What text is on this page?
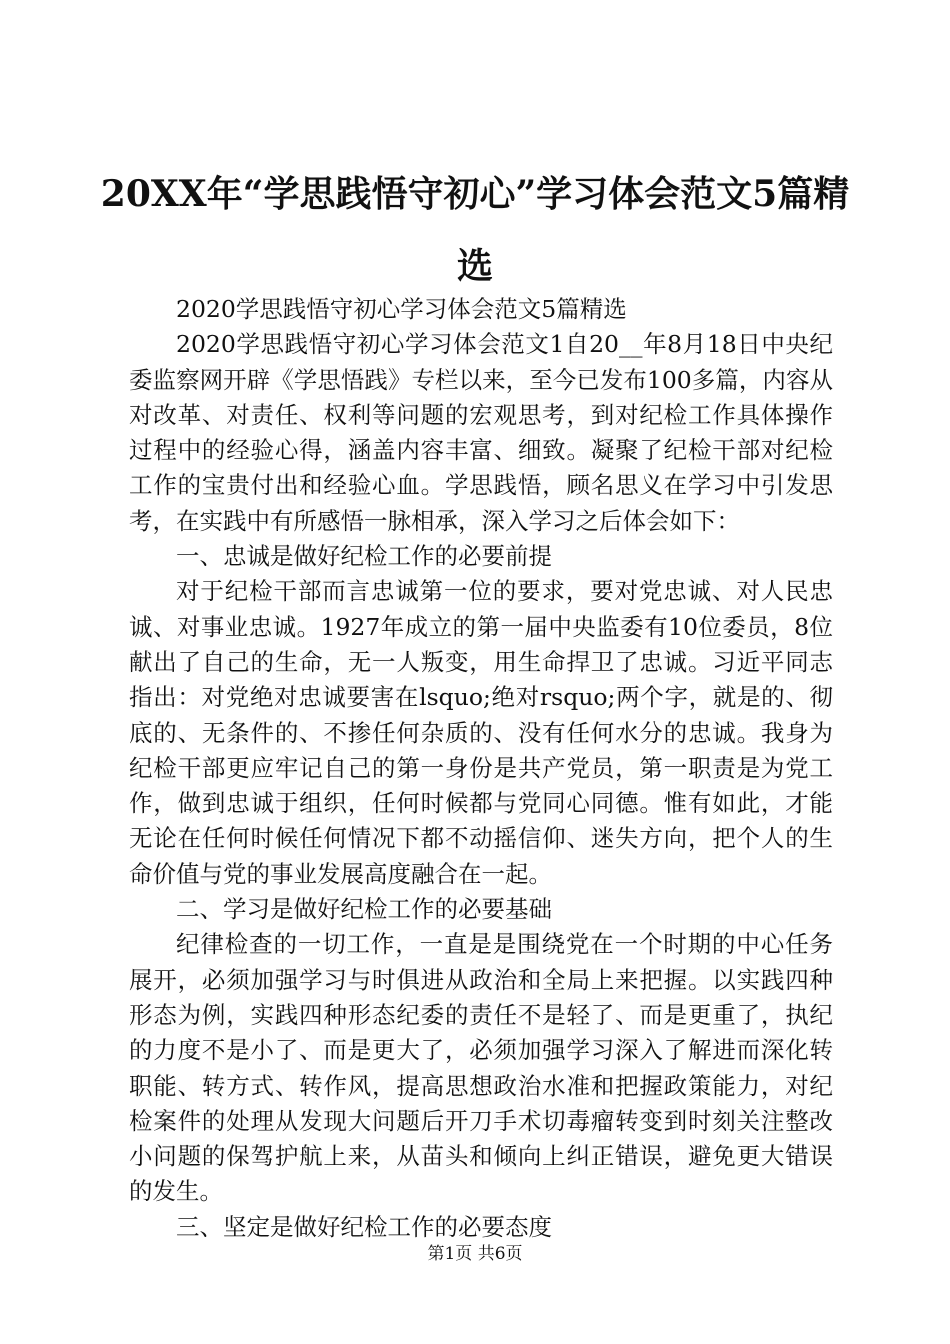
20XX年“学思践悟守初心”学习体会范文5篇精选

2020学思践悟守初心学习体会范文5篇精选

2020学思践悟守初心学习体会范文1自20__年8月18日中央纪委监察网开辟《学思悟践》专栏以来，至今已发布100多篇，内容从对改革、对责任、权利等问题的宏观思考，到对纪检工作具体操作过程中的经验心得，涵盖内容丰富、细致。凝聚了纪检干部对纪检工作的宝贵付出和经验心血。学思践悟，顾名思义在学习中引发思考，在实践中有所感悟一脉相承，深入学习之后体会如下：

一、忠诚是做好纪检工作的必要前提

对于纪检干部而言忠诚第一位的要求，要对党忠诚、对人民忠诚、对事业忠诚。1927年成立的第一届中央监委有10位委员，8位献出了自己的生命，无一人叛变，用生命捍卫了忠诚。习近平同志指出：对党绝对忠诚要害在lsquo;绝对rsquo;两个字，就是的、彻底的、无条件的、不掺任何杂质的、没有任何水分的忠诚。我身为纪检干部更应牢记自己的第一身份是共产党员，第一职责是为党工作，做到忠诚于组织，任何时候都与党同心同德。惟有如此，才能无论在任何时候任何情况下都不动摇信仰、迷失方向，把个人的生命价值与党的事业发展高度融合在一起。

二、学习是做好纪检工作的必要基础

纪律检查的一切工作，一直是是围绕党在一个时期的中心任务展开，必须加强学习与时俱进从政治和全局上来把握。以实践四种形态为例，实践四种形态纪委的责任不是轻了、而是更重了，执纪的力度不是小了、而是更大了，必须加强学习深入了解进而深化转职能、转方式、转作风，提高思想政治水准和把握政策能力，对纪检案件的处理从发现大问题后开刀手术切毒瘤转变到时刻关注整改小问题的保驾护航上来，从苗头和倾向上纠正错误，避免更大错误的发生。

三、坚定是做好纪检工作的必要态度

第1页 共6页
